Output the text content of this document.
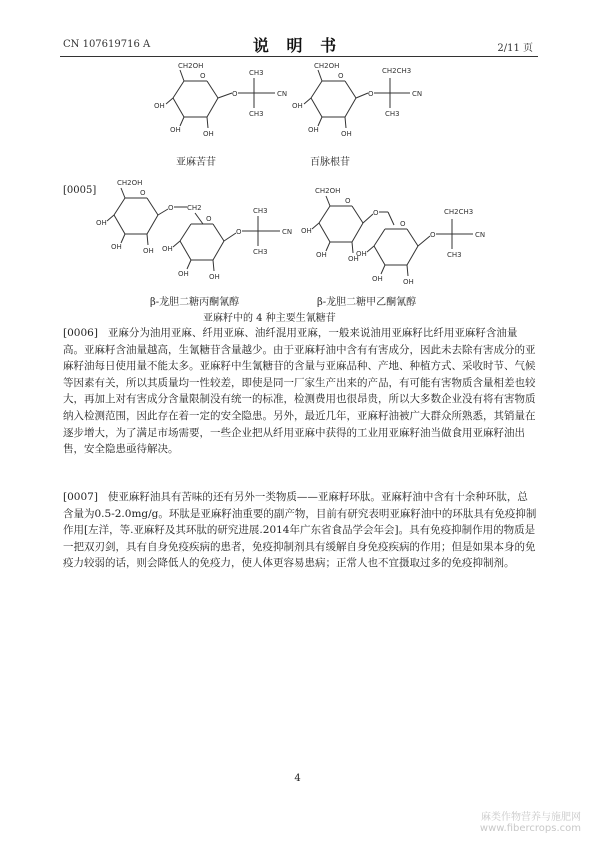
CN 107619716 A	说 明 书	2/11 页
CH2OH
O
O
CH3
CH3
CN
OH
OH	OH
CH2OH
O
O
CH2CH3
CH3
CN
OH
OH	OH
CH2OH
O
OH
OH	OH
O CH2
O
OH
OH	OH
O
CH3
CH3
CN
CH2OH
O
OH
OH	OH
O
O
OH
OH	OH
O
CH2CH3
CH3
CN
亚麻苦苷	百脉根苷
[0005]
β-龙胆二糖丙酮氰醇	β-龙胆二糖甲乙酮氰醇
亚麻籽中的 4 种主要生氰糖苷
[0006] 亚麻分为油用亚麻、纤用亚麻、油纤混用亚麻，一般来说油用亚麻籽比纤用亚麻籽含油量高。亚麻籽含油量越高，生氰糖苷含量越少。由于亚麻籽油中含有有害成分，因此未去除有害成分的亚麻籽油每日使用量不能太多。亚麻籽中生氰糖苷的含量与亚麻品种、产地、种植方式、采收时节、气候等因素有关，所以其质量均一性较差，即使是同一厂家生产出来的产品，有可能有害物质含量相差也较大，再加上对有害成分含量限制没有统一的标准，检测费用也很昂贵，所以大多数企业没有将有害物质纳入检测范围，因此存在着一定的安全隐患。另外，最近几年，亚麻籽油被广大群众所熟悉，其销量在逐步增大，为了满足市场需要，一些企业把从纤用亚麻中获得的工业用亚麻籽油当做食用亚麻籽油出售，安全隐患亟待解决。
[0007] 使亚麻籽油具有苦味的还有另外一类物质——亚麻籽环肽。亚麻籽油中含有十余种环肽，总含量为0.5-2.0mg/g。环肽是亚麻籽油重要的副产物，目前有研究表明亚麻籽油中的环肽具有免疫抑制作用[左洋，等.亚麻籽及其环肽的研究进展.2014年广东省食品学会年会]。具有免疫抑制作用的物质是一把双刃剑，具有自身免疫疾病的患者，免疫抑制剂具有缓解自身免疫疾病的作用；但是如果本身的免疫力较弱的话，则会降低人的免疫力，使人体更容易患病；正常人也不宜摄取过多的免疫抑制剂。
4
麻类作物营养与施肥网
www.fibercrops.com
